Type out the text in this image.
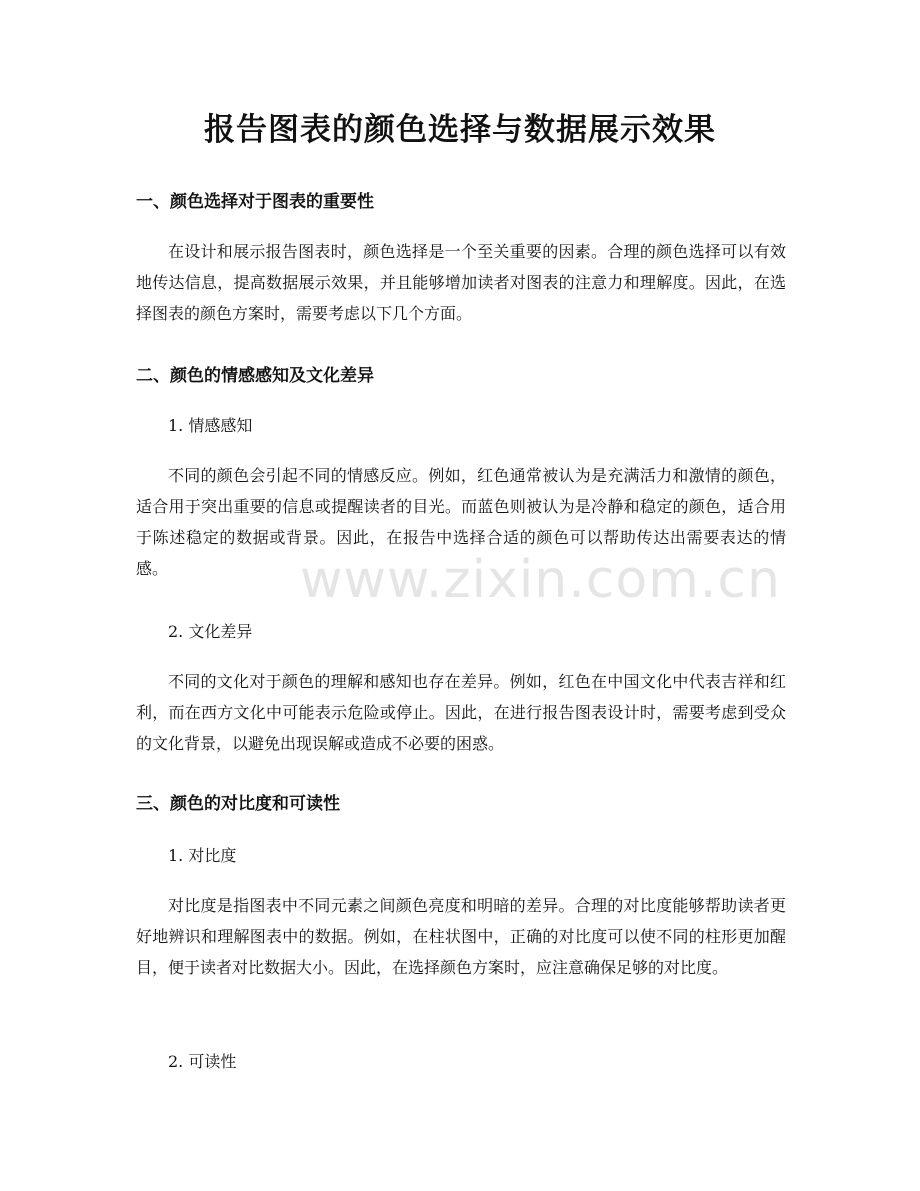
报告图表的颜色选择与数据展示效果
一、颜色选择对于图表的重要性

在设计和展示报告图表时，颜色选择是一个至关重要的因素。合理的颜色选择可以有效地传达信息，提高数据展示效果，并且能够增加读者对图表的注意力和理解度。因此，在选择图表的颜色方案时，需要考虑以下几个方面。

二、颜色的情感感知及文化差异

1. 情感感知

不同的颜色会引起不同的情感反应。例如，红色通常被认为是充满活力和激情的颜色，适合用于突出重要的信息或提醒读者的目光。而蓝色则被认为是冷静和稳定的颜色，适合用于陈述稳定的数据或背景。因此，在报告中选择合适的颜色可以帮助传达出需要表达的情感。

2. 文化差异

不同的文化对于颜色的理解和感知也存在差异。例如，红色在中国文化中代表吉祥和红利，而在西方文化中可能表示危险或停止。因此，在进行报告图表设计时，需要考虑到受众的文化背景，以避免出现误解或造成不必要的困惑。

三、颜色的对比度和可读性

1. 对比度

对比度是指图表中不同元素之间颜色亮度和明暗的差异。合理的对比度能够帮助读者更好地辨识和理解图表中的数据。例如，在柱状图中，正确的对比度可以使不同的柱形更加醒目，便于读者对比数据大小。因此，在选择颜色方案时，应注意确保足够的对比度。

2. 可读性

www.zixin.com.cn
